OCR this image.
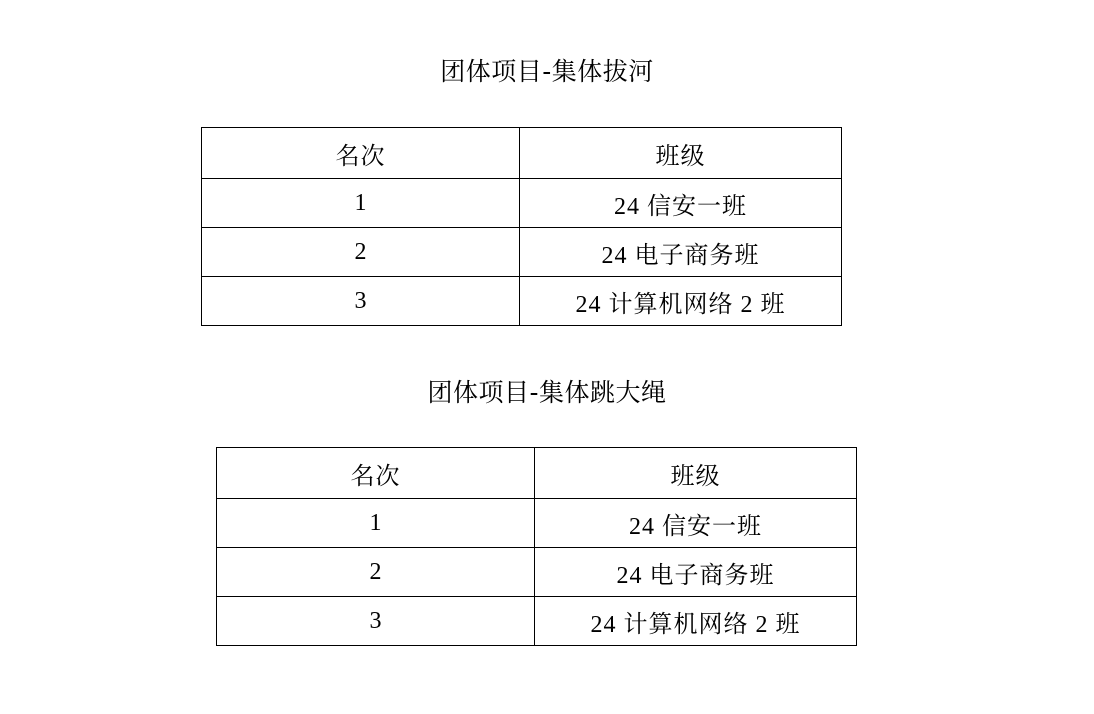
团体项目-集体拔河
名次	班级
1	24 信安一班
2	24 电子商务班
3	24 计算机网络 2 班
团体项目-集体跳大绳
名次	班级
1	24 信安一班
2	24 电子商务班
3	24 计算机网络 2 班
